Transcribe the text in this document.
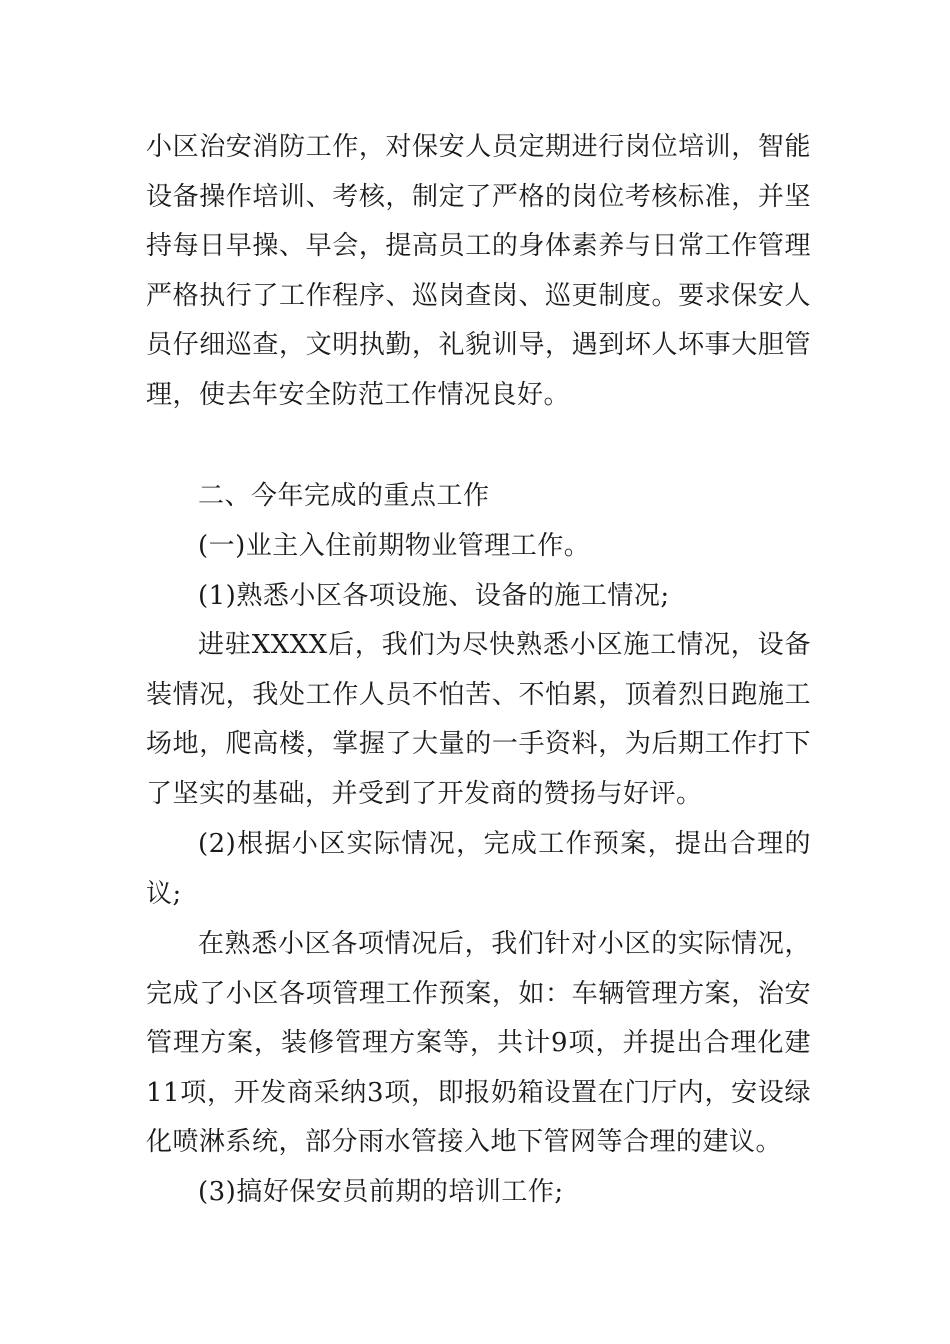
小区治安消防工作，对保安人员定期进行岗位培训，智能
设备操作培训、考核，制定了严格的岗位考核标准，并坚
持每日早操、早会，提高员工的身体素养与日常工作管理
严格执行了工作程序、巡岗查岗、巡更制度。要求保安人
员仔细巡查，文明执勤，礼貌训导，遇到坏人坏事大胆管
理，使去年安全防范工作情况良好。
二、今年完成的重点工作
(一)业主入住前期物业管理工作。
(1)熟悉小区各项设施、设备的施工情况;
进驻XXXX后，我们为尽快熟悉小区施工情况，设备
装情况，我处工作人员不怕苦、不怕累，顶着烈日跑施工
场地，爬高楼，掌握了大量的一手资料，为后期工作打下
了坚实的基础，并受到了开发商的赞扬与好评。
(2)根据小区实际情况，完成工作预案，提出合理的
议;
在熟悉小区各项情况后，我们针对小区的实际情况，
完成了小区各项管理工作预案，如：车辆管理方案，治安
管理方案，装修管理方案等，共计9项，并提出合理化建
11项，开发商采纳3项，即报奶箱设置在门厅内，安设绿
化喷淋系统，部分雨水管接入地下管网等合理的建议。
(3)搞好保安员前期的培训工作;
